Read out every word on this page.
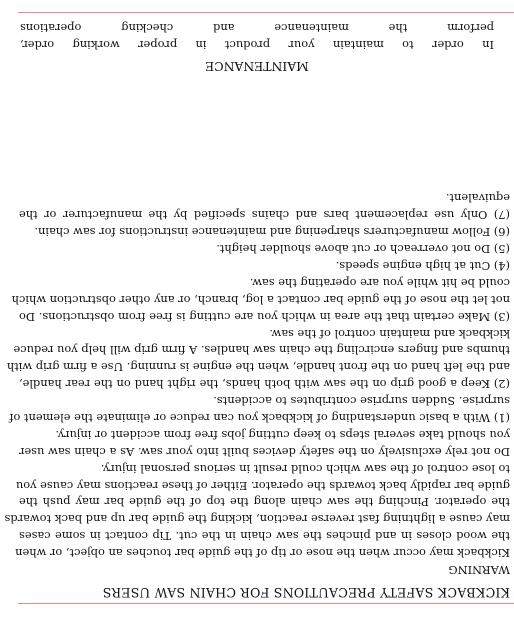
KICKBACK SAFETY PRECAUTIONS FOR CHAIN SAW USERS
WARNING
Kickback may occur when the nose or tip of the guide bar touches an object, or when
the wood closes in and pinches the saw chain in the cut. Tip contact in some cases
may cause a lightning fast reverse reaction, kicking the guide bar up and back towards
the operator. Pinching the saw chain along the top of the guide bar may push the
guide bar rapidly back towards the operator. Either of these reactions may cause you
to lose control of the saw which could result in serious personal injury.
Do not rely exclusively on the safety devices built into your saw. As a chain saw user
you should take several steps to keep cutting jobs free from accident or injury.
(1) With a basic understanding of kickback you can reduce or eliminate the element of
surprise. Sudden surprise contributes to accidents.
(2) Keep a good grip on the saw with both hands, the right hand on the rear handle,
and the left hand on the front handle, when the engine is running. Use a firm grip with
thumbs and fingers encircling the chain saw handles. A firm grip will help you reduce
kickback and maintain control of the saw.
(3) Make certain that the area in which you are cutting is free from obstructions. Do
not let the nose of the guide bar contact a log, branch, or any other obstruction which
could be hit while you are operating the saw.
(4) Cut at high engine speeds.
(5) Do not overreach or cut above shoulder height.
(6) Follow manufacturers sharpening and maintenance instructions for saw chain.
(7) Only use replacement bars and chains specified by the manufacturer or the
equivalent.
MAINTENANCE
In order to maintain your product in proper working order,
perform the maintenance and checking operations
